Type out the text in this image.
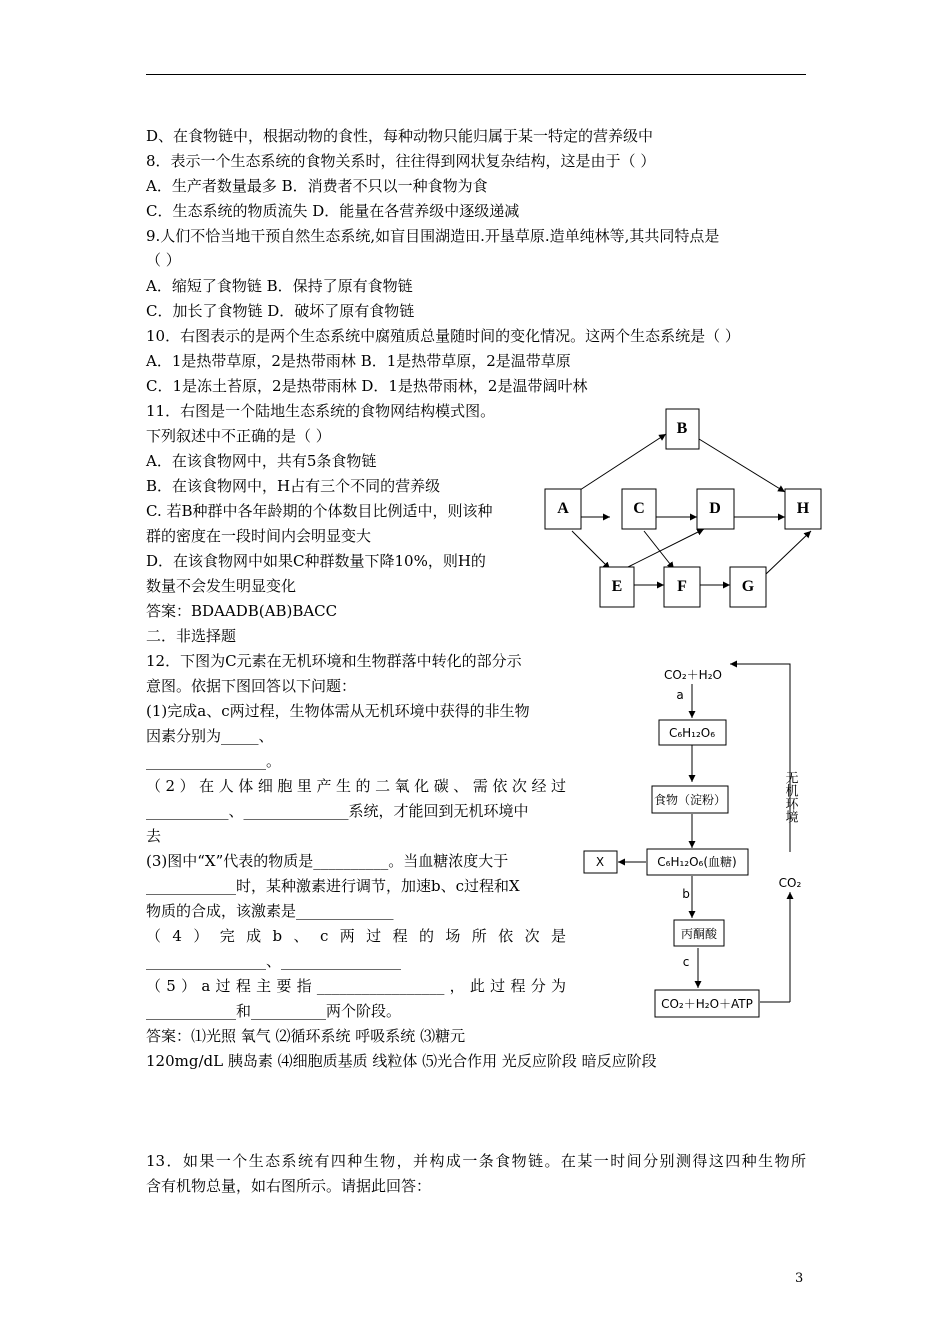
D、在食物链中，根据动物的食性，每种动物只能归属于某一特定的营养级中
8．表示一个生态系统的食物关系时，往往得到网状复杂结构，这是由于（ ）
A．生产者数量最多 B．消费者不只以一种食物为食
C．生态系统的物质流失 D．能量在各营养级中逐级递减
9.人们不恰当地干预自然生态系统,如盲目围湖造田.开垦草原.造单纯林等,其共同特点是
（ ）
A．缩短了食物链 B．保持了原有食物链
C．加长了食物链 D．破坏了原有食物链
10．右图表示的是两个生态系统中腐殖质总量随时间的变化情况。这两个生态系统是（ ）
A．1是热带草原，2是热带雨林 B．1是热带草原，2是温带草原
C．1是冻土苔原，2是热带雨林 D．1是热带雨林，2是温带阔叶林
11．右图是一个陆地生态系统的食物网结构模式图。
下列叙述中不正确的是（ ）
A．在该食物网中，共有5条食物链
B．在该食物网中，H占有三个不同的营养级
C. 若B种群中各年龄期的个体数目比例适中，则该种
群的密度在一段时间内会明显变大
D．在该食物网中如果C种群数量下降10%，则H的
数量不会发生明显变化
答案：BDAADB(AB)BACC
二．非选择题
12．下图为C元素在无机环境和生物群落中转化的部分示
意图。依据下图回答以下问题：
(1)完成a、c两过程，生物体需从无机环境中获得的非生物
因素分别为_____、
________________。
（2）在人体细胞里产生的二氧化碳、需依次经过
___________、______________系统，才能回到无机环境中
去
(3)图中“X”代表的物质是__________。当血糖浓度大于
____________时，某种激素进行调节，加速b、c过程和X
物质的合成，该激素是_____________
（4）完成b、c两过程的场所依次是
________________、________________
（5）a过程主要指_________________，此过程分为
____________和__________两个阶段。
答案：⑴光照 氧气 ⑵循环系统 呼吸系统 ⑶糖元
120mg/dL 胰岛素 ⑷细胞质基质 线粒体 ⑸光合作用 光反应阶段 暗反应阶段
13．如果一个生态系统有四种生物，并构成一条食物链。在某一时间分别测得这四种生物所
含有机物总量，如右图所示。请据此回答：
A
B
C	D
E	F	G
H
CO₂＋H₂O
a
C₆H₁₂O₆
食物（淀粉）
C₆H₁₂O₆(血糖)
X
b
丙酮酸
c
CO₂＋H₂O＋ATP
无机环境
CO₂
3
